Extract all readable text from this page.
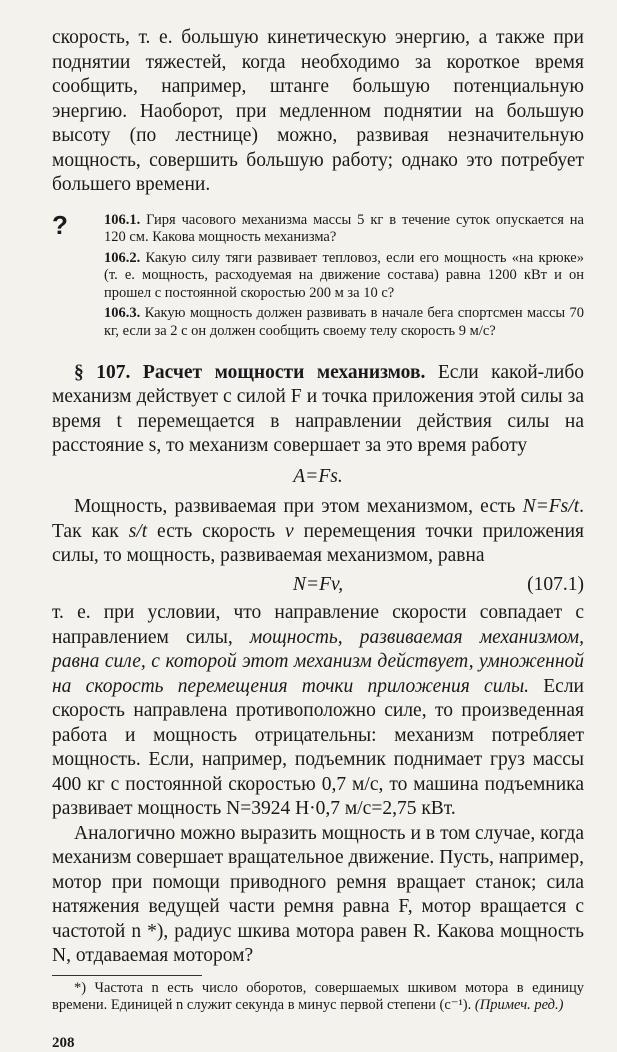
скорость, т. е. большую кинетическую энергию, а также при поднятии тяжестей, когда необходимо за короткое время сообщить, например, штанге большую потенциальную энергию. Наоборот, при медленном поднятии на большую высоту (по лестнице) можно, развивая незначительную мощность, совершить большую работу; однако это потребует большего времени.

? 106.1. Гиря часового механизма массы 5 кг в течение суток опускается на 120 см. Какова мощность механизма?

106.2. Какую силу тяги развивает тепловоз, если его мощность «на крюке» (т. е. мощность, расходуемая на движение состава) равна 1200 кВт и он прошел с постоянной скоростью 200 м за 10 с?

106.3. Какую мощность должен развивать в начале бега спортсмен массы 70 кг, если за 2 с он должен сообщить своему телу скорость 9 м/с?

§ 107. Расчет мощности механизмов. Если какой-либо механизм действует с силой F и точка приложения этой силы за время t перемещается в направлении действия силы на расстояние s, то механизм совершает за это время работу

A=Fs.

Мощность, развиваемая при этом механизмом, есть N=Fs/t. Так как s/t есть скорость v перемещения точки приложения силы, то мощность, развиваемая механизмом, равна

N=Fv,	(107.1)

т. е. при условии, что направление скорости совпадает с направлением силы, мощность, развиваемая механизмом, равна силе, с которой этот механизм действует, умноженной на скорость перемещения точки приложения силы. Если скорость направлена противоположно силе, то произведенная работа и мощность отрицательны: механизм потребляет мощность. Если, например, подъемник поднимает груз массы 400 кг с постоянной скоростью 0,7 м/с, то машина подъемника развивает мощность N=3924 Н·0,7 м/с=2,75 кВт.

Аналогично можно выразить мощность и в том случае, когда механизм совершает вращательное движение. Пусть, например, мотор при помощи приводного ремня вращает станок; сила натяжения ведущей части ремня равна F, мотор вращается с частотой n *), радиус шкива мотора равен R. Какова мощность N, отдаваемая мотором?

*) Частота n есть число оборотов, совершаемых шкивом мотора в единицу времени. Единицей n служит секунда в минус первой степени (с⁻¹). (Примеч. ред.)

208
